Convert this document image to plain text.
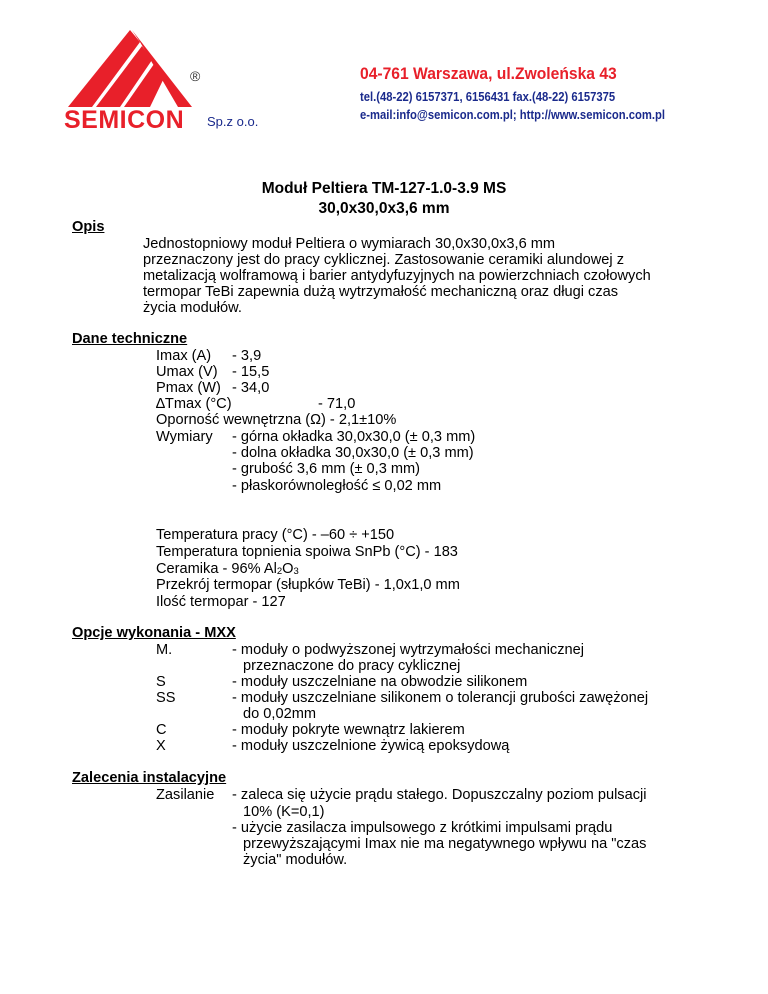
®
SEMICON Sp.z o.o.
04-761 Warszawa, ul.Zwoleńska 43
tel.(48-22) 6157371, 6156431 fax.(48-22) 6157375
e-mail:info@semicon.com.pl; http://www.semicon.com.pl
Moduł Peltiera TM-127-1.0-3.9 MS
30,0x30,0x3,6 mm
Opis
Jednostopniowy moduł Peltiera o wymiarach 30,0x30,0x3,6 mm
przeznaczony jest do pracy cyklicznej. Zastosowanie ceramiki alundowej z
metalizacją wolframową i barier antydyfuzyjnych na powierzchniach czołowych
termopar TeBi zapewnia dużą wytrzymałość mechaniczną oraz długi czas
życia modułów.
Dane techniczne
Imax (A) - 3,9
Umax (V) - 15,5
Pmax (W) - 34,0
∆Tmax (°C)	- 71,0
Oporność wewnętrzna (Ω) - 2,1±10%
Wymiary - górna okładka 30,0x30,0 (± 0,3 mm)
- dolna okładka 30,0x30,0 (± 0,3 mm)
- grubość 3,6 mm (± 0,3 mm)
- płaskorównoległość ≤ 0,02 mm
Temperatura pracy (°C) - –60 ÷ +150
Temperatura topnienia spoiwa SnPb (°C) - 183
Ceramika - 96% $Al_2O_3$
Przekrój termopar (słupków TeBi) - 1,0x1,0 mm
Ilość termopar - 127
Opcje wykonania - MXX
M.	- moduły o podwyższonej wytrzymałości mechanicznej
przeznaczone do pracy cyklicznej
S	- moduły uszczelniane na obwodzie silikonem
SS	- moduły uszczelniane silikonem o tolerancji grubości zawężonej
do 0,02mm
C	- moduły pokryte wewnątrz lakierem
X	- moduły uszczelnione żywicą epoksydową
Zalecenia instalacyjne
Zasilanie - zaleca się użycie prądu stałego. Dopuszczalny poziom pulsacji
10% (K=0,1)
- użycie zasilacza impulsowego z krótkimi impulsami prądu
przewyższającymi Imax nie ma negatywnego wpływu na "czas
życia" modułów.
